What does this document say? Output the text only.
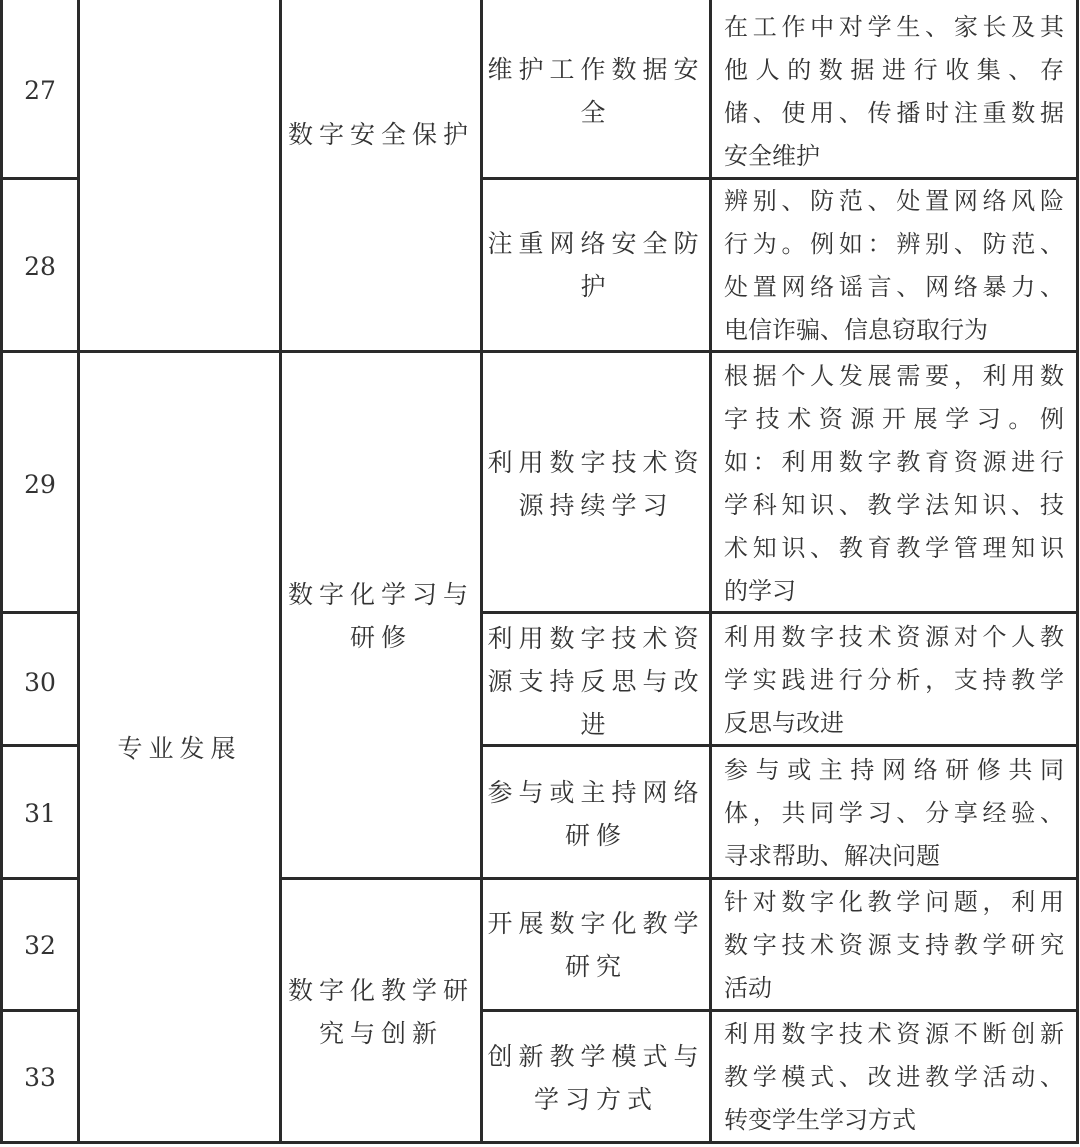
27
28
29
30
31
32
33
专业发展
数字安全保护
数字化学习与
研修
数字化教学研
究与创新
维护工作数据安
全
注重网络安全防
护
利用数字技术资
源持续学习
利用数字技术资
源支持反思与改
进
参与或主持网络
研修
开展数字化教学
研究
创新教学模式与
学习方式
在工作中对学生、家长及其
他人的数据进行收集、存
储、使用、传播时注重数据
安全维护
辨别、防范、处置网络风险
行为。例如：辨别、防范、
处置网络谣言、网络暴力、
电信诈骗、信息窃取行为
根据个人发展需要，利用数
字技术资源开展学习。例
如：利用数字教育资源进行
学科知识、教学法知识、技
术知识、教育教学管理知识
的学习
利用数字技术资源对个人教
学实践进行分析，支持教学
反思与改进
参与或主持网络研修共同
体，共同学习、分享经验、
寻求帮助、解决问题
针对数字化教学问题，利用
数字技术资源支持教学研究
活动
利用数字技术资源不断创新
教学模式、改进教学活动、
转变学生学习方式
